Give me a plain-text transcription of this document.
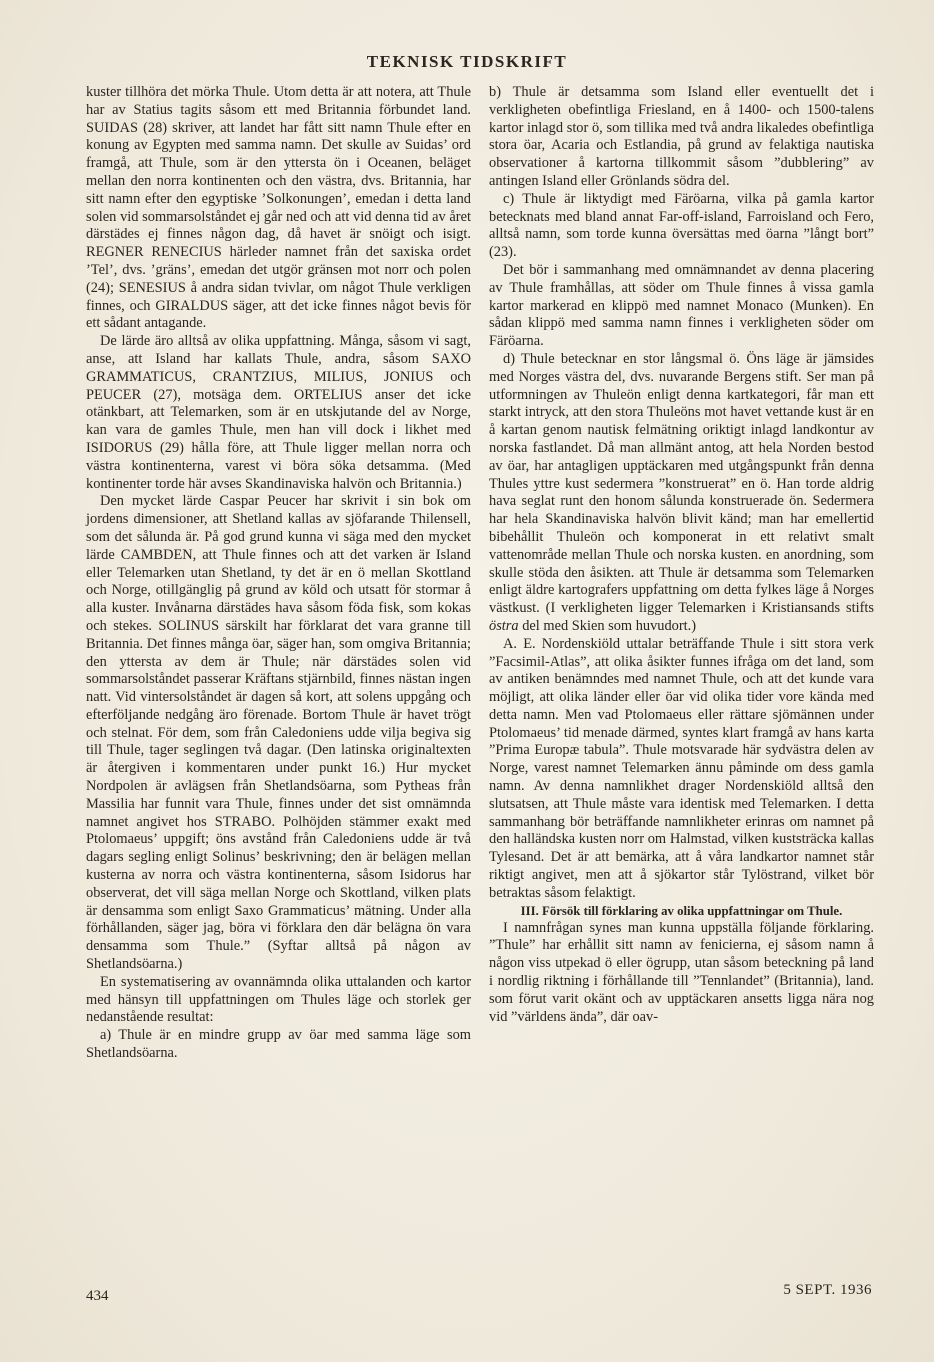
TEKNISK TIDSKRIFT

kuster tillhöra det mörka Thule. Utom detta är att notera, att Thule har av Statius tagits såsom ett med Britannia förbundet land. SUIDAS (28) skriver, att landet har fått sitt namn Thule efter en konung av Egypten med samma namn. Det skulle av Suidas’ ord framgå, att Thule, som är den yttersta ön i Oceanen, beläget mellan den norra kontinenten och den västra, dvs. Britannia, har sitt namn efter den egyptiske ’Solkonungen’, emedan i detta land solen vid sommarsolståndet ej går ned och att vid denna tid av året därstädes ej finnes någon dag, då havet är snöigt och isigt. REGNER RENECIUS härleder namnet från det saxiska ordet ’Tel’, dvs. ’gräns’, emedan det utgör gränsen mot norr och polen (24); SENESIUS å andra sidan tvivlar, om något Thule verkligen finnes, och GIRALDUS säger, att det icke finnes något bevis för ett sådant antagande.

De lärde äro alltså av olika uppfattning. Många, såsom vi sagt, anse, att Island har kallats Thule, andra, såsom SAXO GRAMMATICUS, CRANTZIUS, MILIUS, JONIUS och PEUCER (27), motsäga dem. ORTELIUS anser det icke otänkbart, att Telemarken, som är en utskjutande del av Norge, kan vara de gamles Thule, men han vill dock i likhet med ISIDORUS (29) hålla före, att Thule ligger mellan norra och västra kontinenterna, varest vi böra söka detsamma. (Med kontinenter torde här avses Skandinaviska halvön och Britannia.)

Den mycket lärde Caspar Peucer har skrivit i sin bok om jordens dimensioner, att Shetland kallas av sjöfarande Thilensell, som det sålunda är. På god grund kunna vi säga med den mycket lärde CAMBDEN, att Thule finnes och att det varken är Island eller Telemarken utan Shetland, ty det är en ö mellan Skottland och Norge, otillgänglig på grund av köld och utsatt för stormar å alla kuster. Invånarna därstädes hava såsom föda fisk, som kokas och stekes. SOLINUS särskilt har förklarat det vara granne till Britannia. Det finnes många öar, säger han, som omgiva Britannia; den yttersta av dem är Thule; när därstädes solen vid sommarsolståndet passerar Kräftans stjärnbild, finnes nästan ingen natt. Vid vintersolståndet är dagen så kort, att solens uppgång och efterföljande nedgång äro förenade. Bortom Thule är havet trögt och stelnat. För dem, som från Caledoniens udde vilja begiva sig till Thule, tager seglingen två dagar. (Den latinska originaltexten är återgiven i kommentaren under punkt 16.) Hur mycket Nordpolen är avlägsen från Shetlandsöarna, som Pytheas från Massilia har funnit vara Thule, finnes under det sist omnämnda namnet angivet hos STRABO. Polhöjden stämmer exakt med Ptolomaeus’ uppgift; öns avstånd från Caledoniens udde är två dagars segling enligt Solinus’ beskrivning; den är belägen mellan kusterna av norra och västra kontinenterna, såsom Isidorus har observerat, det vill säga mellan Norge och Skottland, vilken plats är densamma som enligt Saxo Grammaticus’ mätning. Under alla förhållanden, säger jag, böra vi förklara den där belägna ön vara densamma som Thule.” (Syftar alltså på någon av Shetlandsöarna.)

En systematisering av ovannämnda olika uttalanden och kartor med hänsyn till uppfattningen om Thules läge och storlek ger nedanstående resultat:

a) Thule är en mindre grupp av öar med samma läge som Shetlandsöarna.

b) Thule är detsamma som Island eller eventuellt det i verkligheten obefintliga Friesland, en å 1400- och 1500-talens kartor inlagd stor ö, som tillika med två andra likaledes obefintliga stora öar, Acaria och Estlandia, på grund av felaktiga nautiska observationer å kartorna tillkommit såsom ”dubblering” av antingen Island eller Grönlands södra del.

c) Thule är liktydigt med Färöarna, vilka på gamla kartor betecknats med bland annat Far-off-island, Farroisland och Fero, alltså namn, som torde kunna översättas med öarna ”långt bort” (23).

Det bör i sammanhang med omnämnandet av denna placering av Thule framhållas, att söder om Thule finnes å vissa gamla kartor markerad en klippö med namnet Monaco (Munken). En sådan klippö med samma namn finnes i verkligheten söder om Färöarna.

d) Thule betecknar en stor långsmal ö. Öns läge är jämsides med Norges västra del, dvs. nuvarande Bergens stift. Ser man på utformningen av Thuleön enligt denna kartkategori, får man ett starkt intryck, att den stora Thuleöns mot havet vettande kust är en å kartan genom nautisk felmätning oriktigt inlagd landkontur av norska fastlandet. Då man allmänt antog, att hela Norden bestod av öar, har antagligen upptäckaren med utgångspunkt från denna Thules yttre kust sedermera ”konstruerat” en ö. Han torde aldrig hava seglat runt den honom sålunda konstruerade ön. Sedermera har hela Skandinaviska halvön blivit känd; man har emellertid bibehållit Thuleön och komponerat in ett relativt smalt vattenområde mellan Thule och norska kusten. en anordning, som skulle stöda den åsikten. att Thule är detsamma som Telemarken enligt äldre kartografers uppfattning om detta fylkes läge å Norges västkust. (I verkligheten ligger Telemarken i Kristiansands stifts östra del med Skien som huvudort.)

A. E. Nordenskiöld uttalar beträffande Thule i sitt stora verk ”Facsimil-Atlas”, att olika åsikter funnes ifråga om det land, som av antiken benämndes med namnet Thule, och att det kunde vara möjligt, att olika länder eller öar vid olika tider vore kända med detta namn. Men vad Ptolomaeus eller rättare sjömännen under Ptolomaeus’ tid menade därmed, syntes klart framgå av hans karta ”Prima Europæ tabula”. Thule motsvarade här sydvästra delen av Norge, varest namnet Telemarken ännu påminde om dess gamla namn. Av denna namnlikhet drager Nordenskiöld alltså den slutsatsen, att Thule måste vara identisk med Telemarken. I detta sammanhang bör beträffande namnlikheter erinras om namnet på den halländska kusten norr om Halmstad, vilken kuststräcka kallas Tylesand. Det är att bemärka, att å våra landkartor namnet står riktigt angivet, men att å sjökartor står Tylöstrand, vilket bör betraktas såsom felaktigt.

III. Försök till förklaring av olika uppfattningar om Thule.

I namnfrågan synes man kunna uppställa följande förklaring. ”Thule” har erhållit sitt namn av fenicierna, ej såsom namn å någon viss utpekad ö eller ögrupp, utan såsom beteckning på land i nordlig riktning i förhållande till ”Tennlandet” (Britannia), land. som förut varit okänt och av upptäckaren ansetts ligga nära nog vid ”världens ända”, där oav-

434	5 SEPT. 1936
